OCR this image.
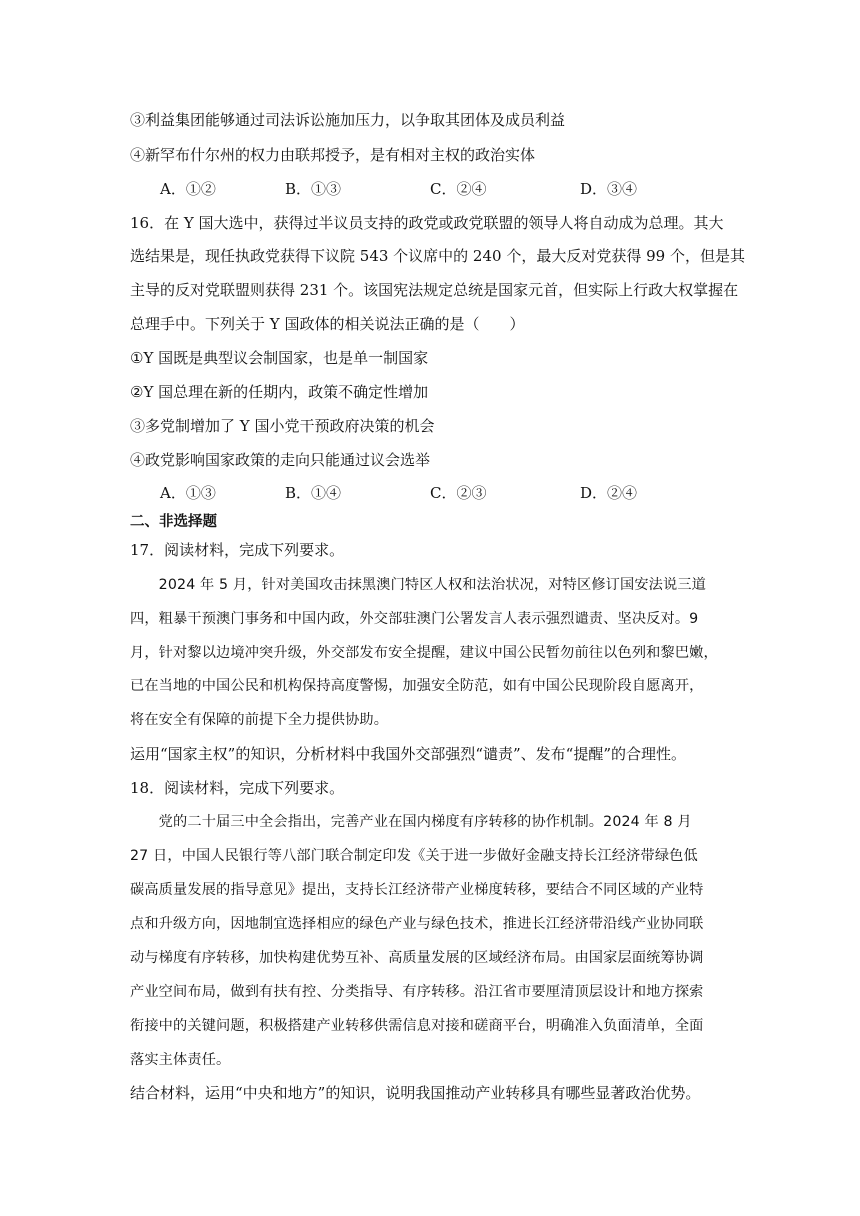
③利益集团能够通过司法诉讼施加压力，以争取其团体及成员利益
④新罕布什尔州的权力由联邦授予，是有相对主权的政治实体
A．①②	B．①③	C．②④	D．③④
16．在 Y 国大选中，获得过半议员支持的政党或政党联盟的领导人将自动成为总理。其大
选结果是，现任执政党获得下议院 543 个议席中的 240 个，最大反对党获得 99 个，但是其
主导的反对党联盟则获得 231 个。该国宪法规定总统是国家元首，但实际上行政大权掌握在
总理手中。下列关于 Y 国政体的相关说法正确的是（　　）
①Y 国既是典型议会制国家，也是单一制国家
②Y 国总理在新的任期内，政策不确定性增加
③多党制增加了 Y 国小党干预政府决策的机会
④政党影响国家政策的走向只能通过议会选举
A．①③	B．①④	C．②③	D．②④
二、非选择题
17．阅读材料，完成下列要求。
　　2024 年 5 月，针对美国攻击抹黑澳门特区人权和法治状况，对特区修订国安法说三道
四，粗暴干预澳门事务和中国内政，外交部驻澳门公署发言人表示强烈谴责、坚决反对。9
月，针对黎以边境冲突升级，外交部发布安全提醒，建议中国公民暂勿前往以色列和黎巴嫩，
已在当地的中国公民和机构保持高度警惕，加强安全防范，如有中国公民现阶段自愿离开，
将在安全有保障的前提下全力提供协助。
运用“国家主权”的知识，分析材料中我国外交部强烈“谴责”、发布“提醒”的合理性。
18．阅读材料，完成下列要求。
　　党的二十届三中全会指出，完善产业在国内梯度有序转移的协作机制。2024 年 8 月
27 日，中国人民银行等八部门联合制定印发《关于进一步做好金融支持长江经济带绿色低
碳高质量发展的指导意见》提出，支持长江经济带产业梯度转移，要结合不同区域的产业特
点和升级方向，因地制宜选择相应的绿色产业与绿色技术，推进长江经济带沿线产业协同联
动与梯度有序转移，加快构建优势互补、高质量发展的区域经济布局。由国家层面统筹协调
产业空间布局，做到有扶有控、分类指导、有序转移。沿江省市要厘清顶层设计和地方探索
衔接中的关键问题，积极搭建产业转移供需信息对接和磋商平台，明确准入负面清单，全面
落实主体责任。
结合材料，运用“中央和地方”的知识，说明我国推动产业转移具有哪些显著政治优势。
